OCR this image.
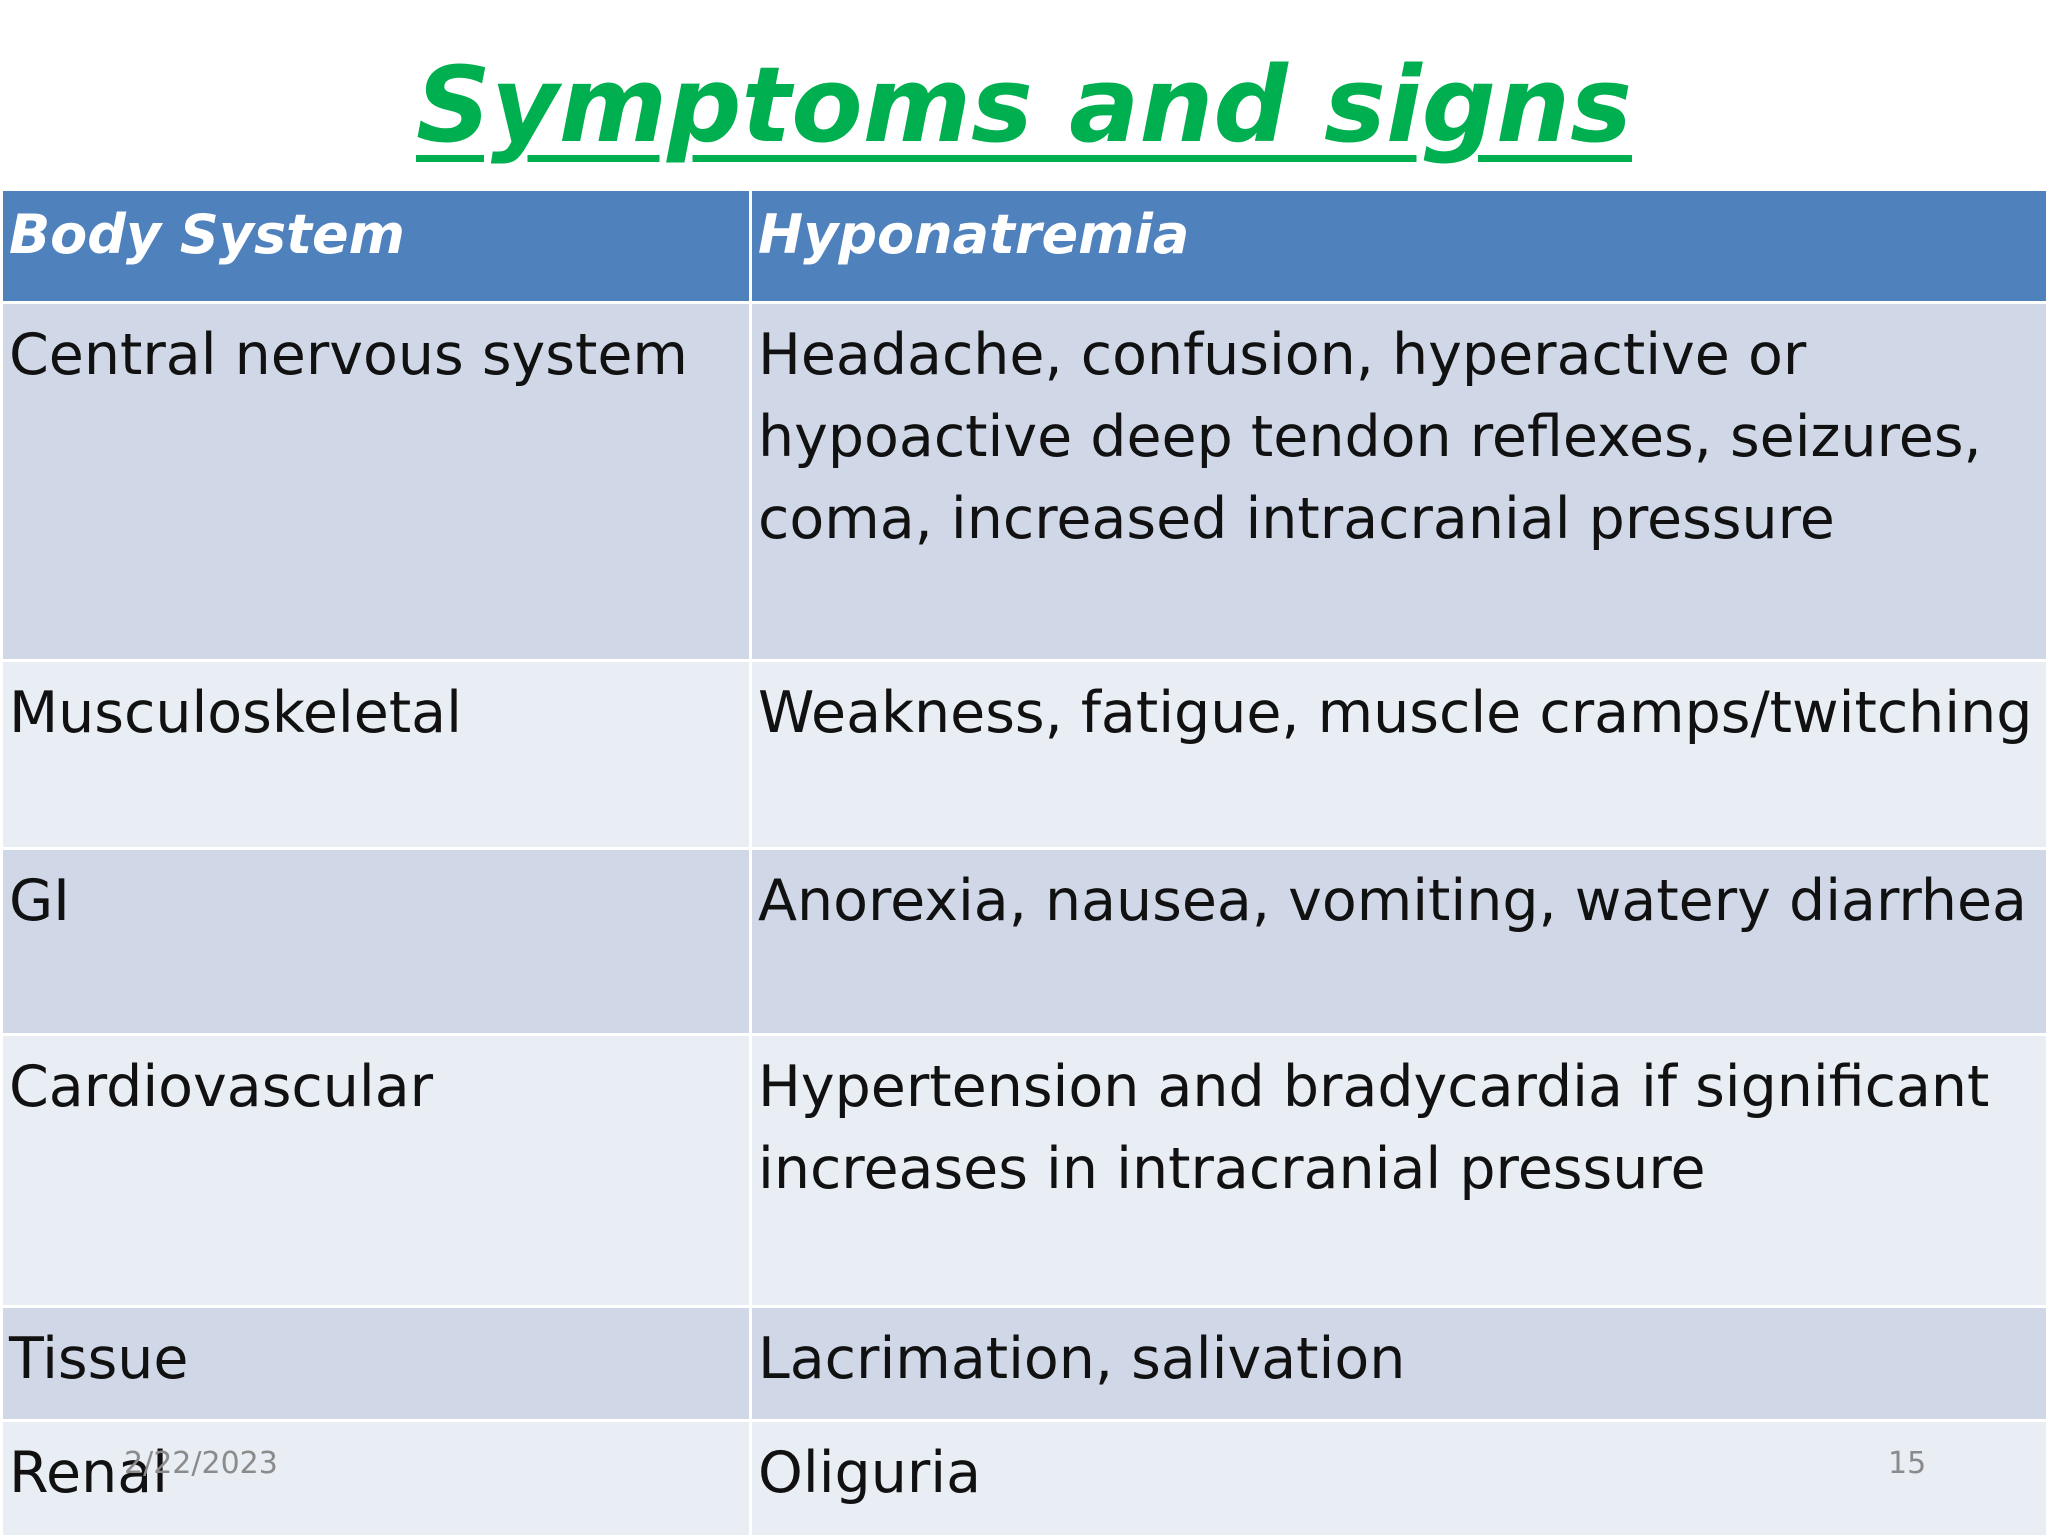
Symptoms and signs
Body System	Hyponatremia
Central nervous system	Headache, confusion, hyperactive or hypoactive deep tendon reflexes, seizures, coma, increased intracranial pressure
Musculoskeletal	Weakness, fatigue, muscle cramps/twitching
GI	Anorexia, nausea, vomiting, watery diarrhea
Cardiovascular	Hypertension and bradycardia if significant increases in intracranial pressure
Tissue	Lacrimation, salivation
Renal	Oliguria
2/22/2023	15
